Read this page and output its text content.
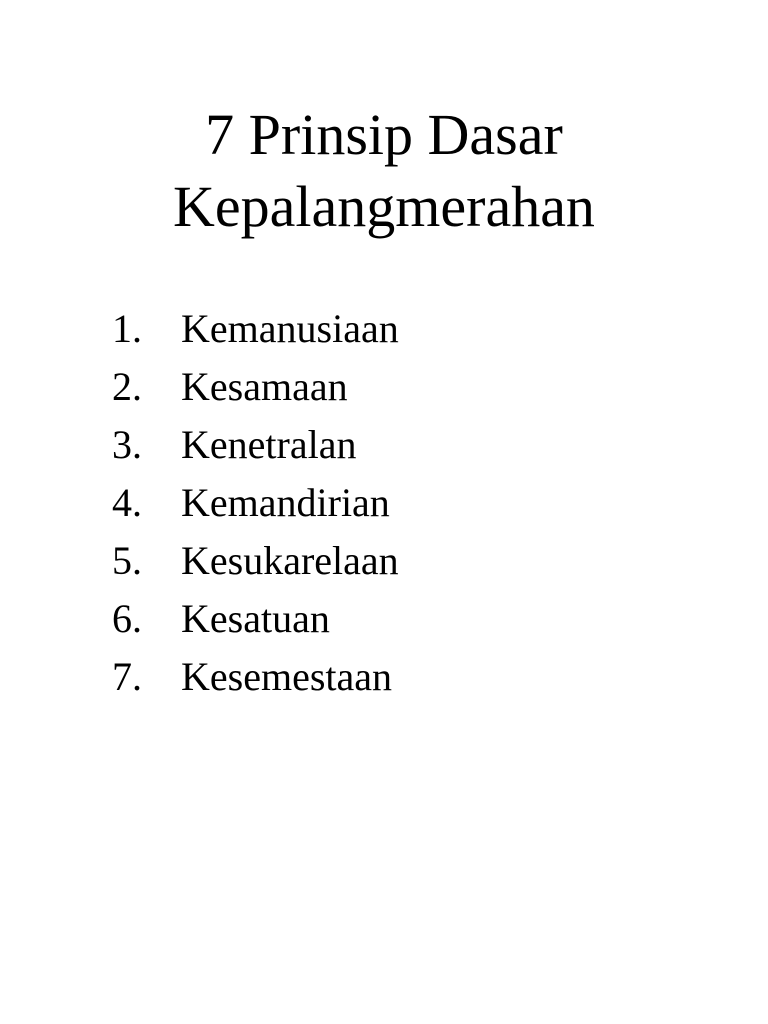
7 Prinsip Dasar
Kepalangmerahan
1. Kemanusiaan
2. Kesamaan
3. Kenetralan
4. Kemandirian
5. Kesukarelaan
6. Kesatuan
7. Kesemestaan
